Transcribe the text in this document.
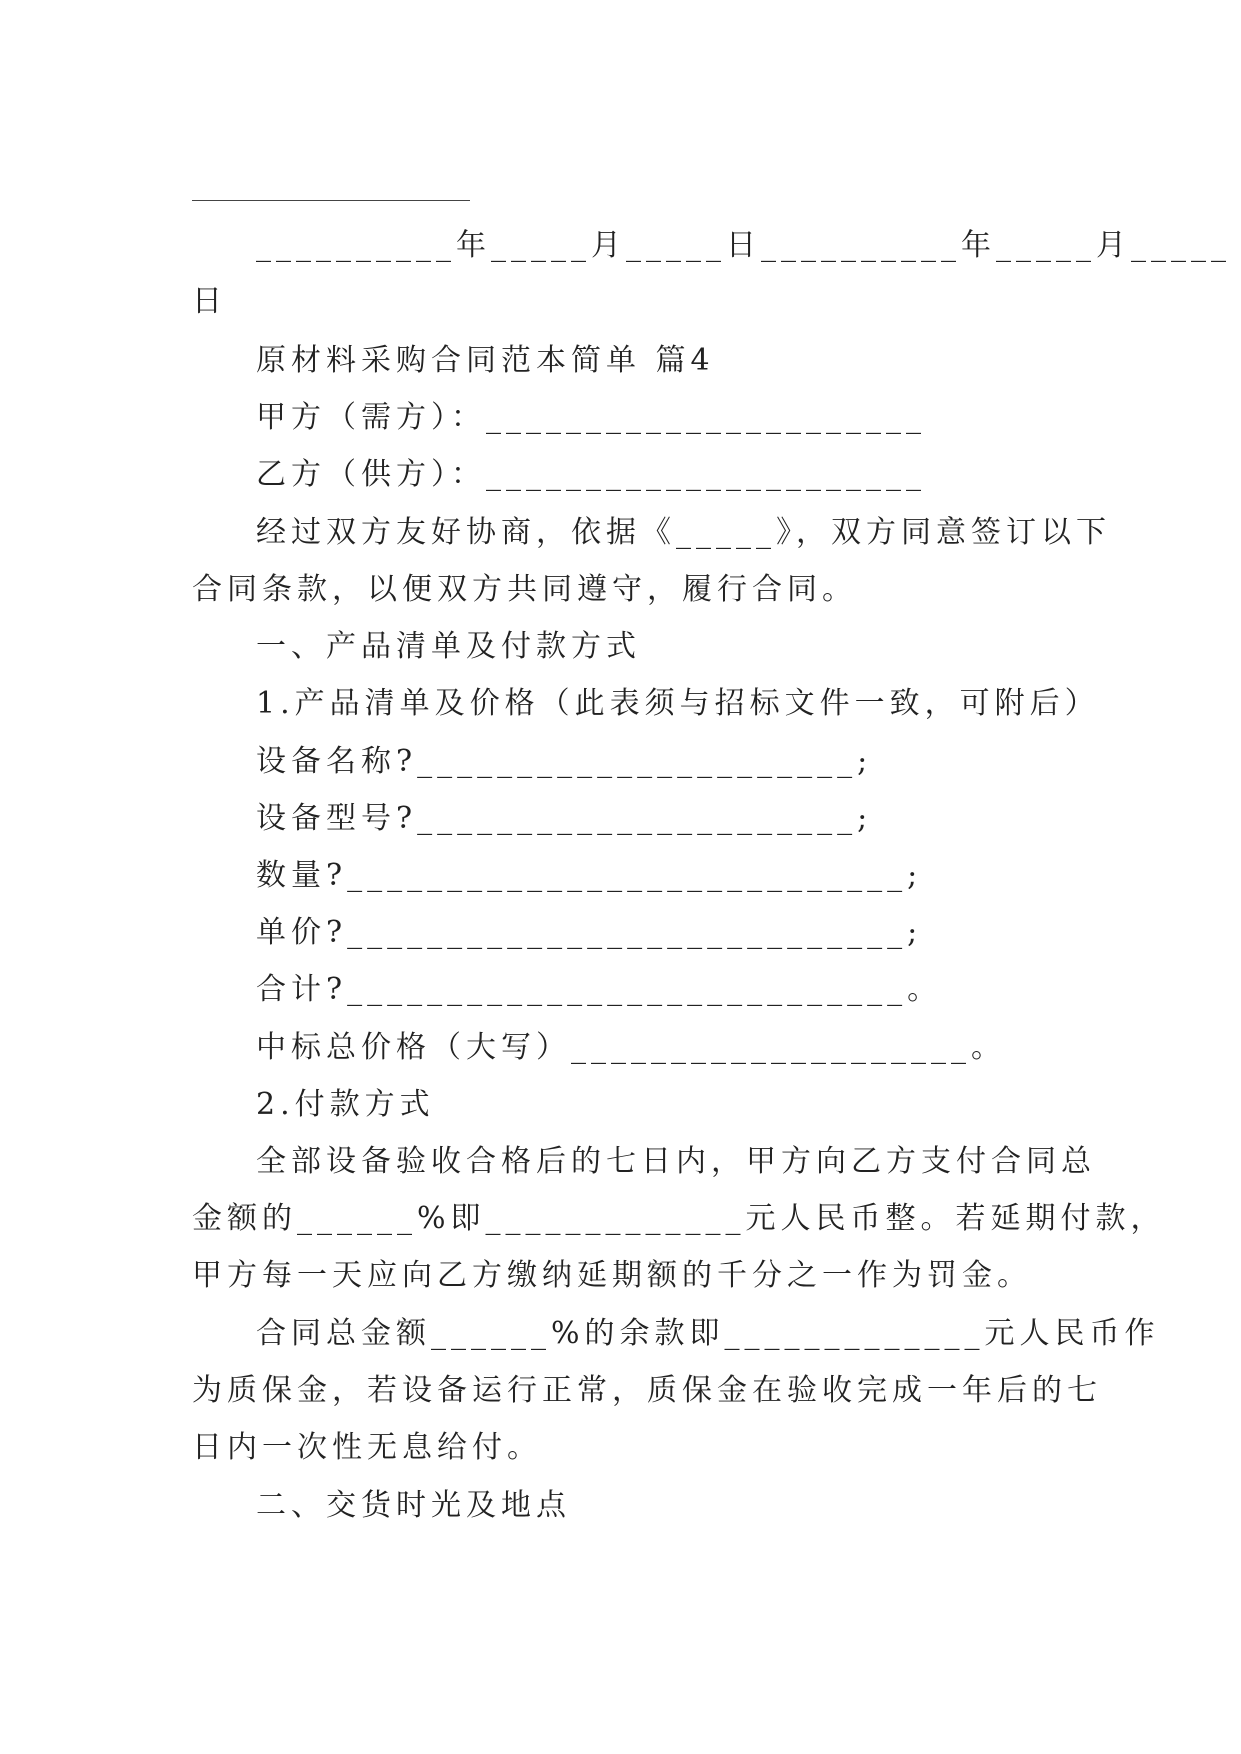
__________年_____月_____日__________年_____月_____
日
原材料采购合同范本简单 篇4
甲方（需方）：______________________
乙方（供方）：______________________
经过双方友好协商，依据《_____》，双方同意签订以下
合同条款，以便双方共同遵守，履行合同。
一、产品清单及付款方式
1.产品清单及价格（此表须与招标文件一致，可附后）
设备名称?______________________;
设备型号?______________________;
数量?____________________________;
单价?____________________________;
合计?____________________________。
中标总价格（大写）____________________。
2.付款方式
全部设备验收合格后的七日内，甲方向乙方支付合同总
金额的______%即_____________元人民币整。若延期付款，
甲方每一天应向乙方缴纳延期额的千分之一作为罚金。
合同总金额______%的余款即_____________元人民币作
为质保金，若设备运行正常，质保金在验收完成一年后的七
日内一次性无息给付。
二、交货时光及地点
